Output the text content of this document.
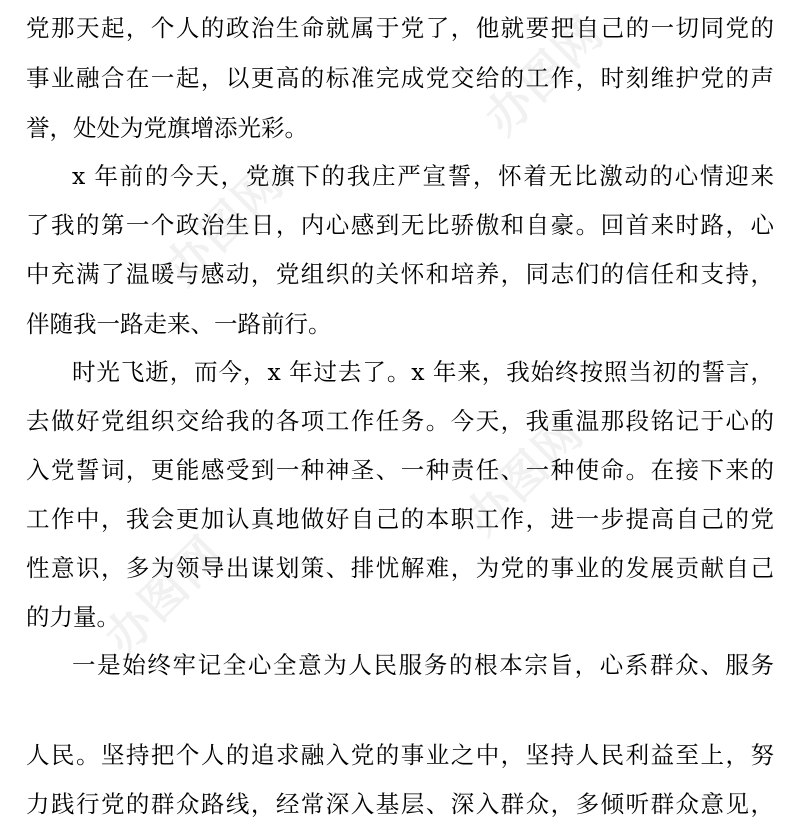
办图网
办图网
办图网
办图网
党那天起，个人的政治生命就属于党了，他就要把自己的一切同党的
事业融合在一起，以更高的标准完成党交给的工作，时刻维护党的声
誉，处处为党旗增添光彩。
x 年前的今天，党旗下的我庄严宣誓，怀着无比激动的心情迎来
了我的第一个政治生日，内心感到无比骄傲和自豪。回首来时路，心
中充满了温暖与感动，党组织的关怀和培养，同志们的信任和支持，
伴随我一路走来、一路前行。
时光飞逝，而今，x 年过去了。x 年来，我始终按照当初的誓言，
去做好党组织交给我的各项工作任务。今天，我重温那段铭记于心的
入党誓词，更能感受到一种神圣、一种责任、一种使命。在接下来的
工作中，我会更加认真地做好自己的本职工作，进一步提高自己的党
性意识，多为领导出谋划策、排忧解难，为党的事业的发展贡献自己
的力量。
一是始终牢记全心全意为人民服务的根本宗旨，心系群众、服务
人民。坚持把个人的追求融入党的事业之中，坚持人民利益至上，努
力践行党的群众路线，经常深入基层、深入群众，多倾听群众意见，
